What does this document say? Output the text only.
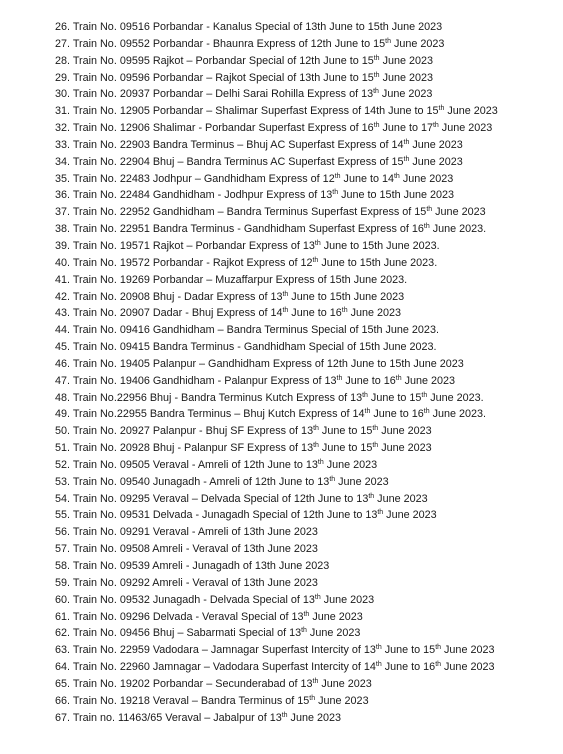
26. Train No. 09516 Porbandar - Kanalus Special of 13th June to 15th June 2023
27. Train No. 09552 Porbandar - Bhaunra Express of 12th June to 15th June 2023
28. Train No. 09595 Rajkot – Porbandar Special of 12th June to 15th June 2023
29. Train No. 09596 Porbandar – Rajkot Special of 13th June to 15th June 2023
30. Train No. 20937 Porbandar – Delhi Sarai Rohilla Express of 13th June 2023
31. Train No. 12905 Porbandar – Shalimar Superfast Express of 14th June to 15th June 2023
32. Train No. 12906 Shalimar - Porbandar Superfast Express of 16th June to 17th June 2023
33. Train No. 22903 Bandra Terminus – Bhuj AC Superfast Express of 14th June 2023
34. Train No. 22904 Bhuj – Bandra Terminus AC Superfast Express of 15th June 2023
35. Train No. 22483 Jodhpur – Gandhidham Express of 12th June to 14th June 2023
36. Train No. 22484 Gandhidham - Jodhpur Express of 13th June to 15th June 2023
37. Train No. 22952 Gandhidham – Bandra Terminus Superfast Express of 15th June 2023
38. Train No. 22951 Bandra Terminus - Gandhidham Superfast Express of 16th June 2023.
39. Train No. 19571 Rajkot – Porbandar Express of 13th June to 15th June 2023.
40. Train No. 19572 Porbandar - Rajkot Express of 12th June to 15th June 2023.
41. Train No. 19269 Porbandar – Muzaffarpur Express of 15th June 2023.
42. Train No. 20908 Bhuj - Dadar Express of 13th June to 15th June 2023
43. Train No. 20907 Dadar - Bhuj Express of 14th June to 16th June 2023
44. Train No. 09416 Gandhidham – Bandra Terminus Special of 15th June 2023.
45. Train No. 09415 Bandra Terminus - Gandhidham Special of 15th June 2023.
46. Train No. 19405 Palanpur – Gandhidham Express of 12th June to 15th June 2023
47. Train No. 19406 Gandhidham - Palanpur Express of 13th June to 16th June 2023
48. Train No.22956 Bhuj - Bandra Terminus Kutch Express of 13th June to 15th June 2023.
49. Train No.22955 Bandra Terminus – Bhuj Kutch Express of 14th June to 16th June 2023.
50. Train No. 20927 Palanpur - Bhuj SF Express of 13th June to 15th June 2023
51. Train No. 20928 Bhuj - Palanpur SF Express of 13th June to 15th June 2023
52. Train No. 09505 Veraval - Amreli of 12th June to 13th June 2023
53. Train No. 09540 Junagadh - Amreli of 12th June to 13th June 2023
54. Train No. 09295 Veraval – Delvada Special of 12th June to 13th June 2023
55. Train No. 09531 Delvada - Junagadh Special of 12th June to 13th June 2023
56. Train No. 09291 Veraval - Amreli of 13th June 2023
57. Train No. 09508 Amreli - Veraval of 13th June 2023
58. Train No. 09539 Amreli - Junagadh of 13th June 2023
59. Train No. 09292 Amreli - Veraval of 13th June 2023
60. Train No. 09532 Junagadh - Delvada Special of 13th June 2023
61. Train No. 09296 Delvada - Veraval Special of 13th June 2023
62. Train No. 09456 Bhuj – Sabarmati Special of 13th June 2023
63. Train No. 22959 Vadodara – Jamnagar Superfast Intercity of 13th June to 15th June 2023
64. Train No. 22960 Jamnagar – Vadodara Superfast Intercity of 14th June to 16th June 2023
65. Train No. 19202 Porbandar – Secunderabad of 13th June 2023
66. Train No. 19218 Veraval – Bandra Terminus of 15th June 2023
67. Train no. 11463/65 Veraval – Jabalpur of 13th June 2023
